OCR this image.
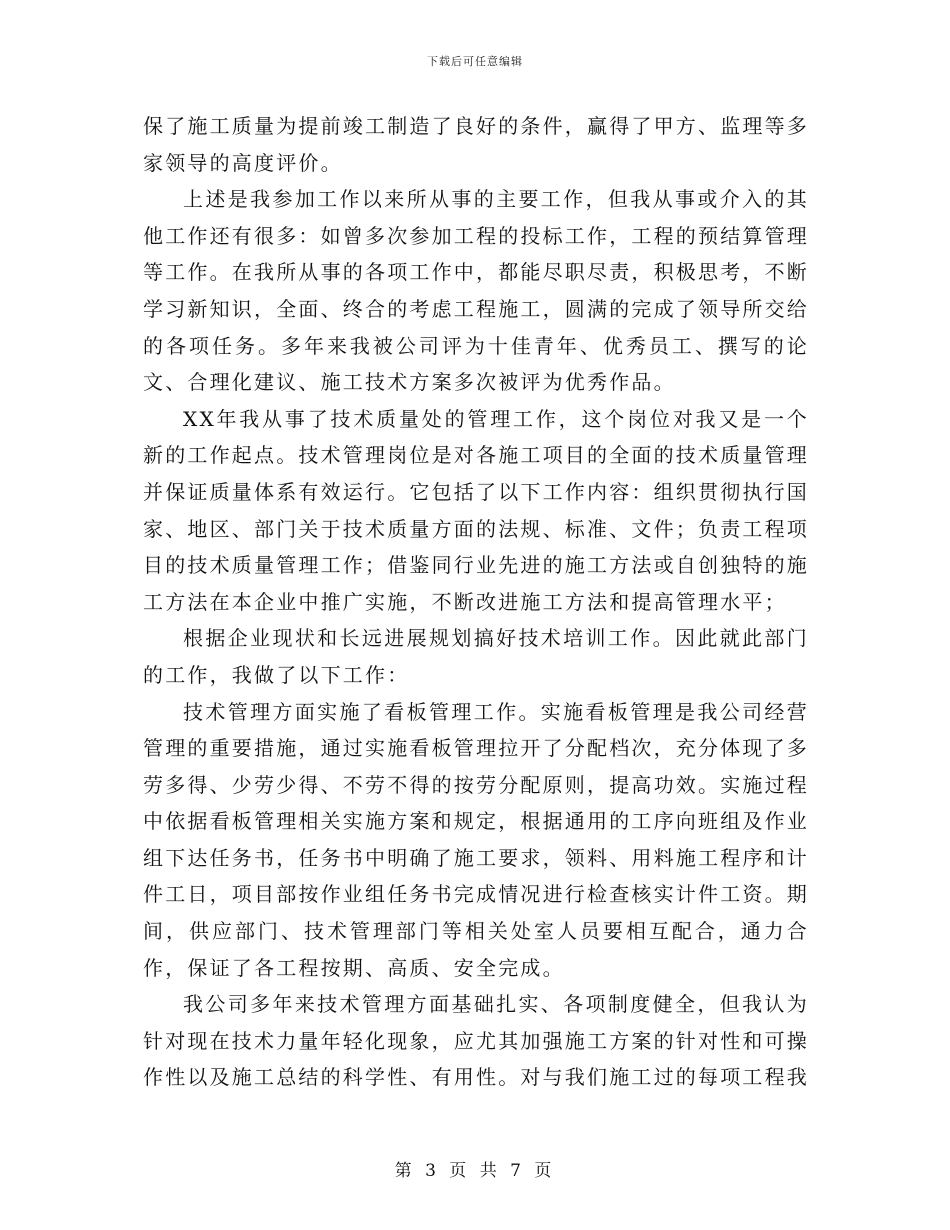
下载后可任意编辑

保了施工质量为提前竣工制造了良好的条件，赢得了甲方、监理等多家领导的高度评价。

上述是我参加工作以来所从事的主要工作，但我从事或介入的其他工作还有很多：如曾多次参加工程的投标工作，工程的预结算管理等工作。在我所从事的各项工作中，都能尽职尽责，积极思考，不断学习新知识，全面、终合的考虑工程施工，圆满的完成了领导所交给的各项任务。多年来我被公司评为十佳青年、优秀员工、撰写的论文、合理化建议、施工技术方案多次被评为优秀作品。

XX年我从事了技术质量处的管理工作，这个岗位对我又是一个新的工作起点。技术管理岗位是对各施工项目的全面的技术质量管理并保证质量体系有效运行。它包括了以下工作内容：组织贯彻执行国家、地区、部门关于技术质量方面的法规、标准、文件；负责工程项目的技术质量管理工作；借鉴同行业先进的施工方法或自创独特的施工方法在本企业中推广实施，不断改进施工方法和提高管理水平；

根据企业现状和长远进展规划搞好技术培训工作。因此就此部门的工作，我做了以下工作：

技术管理方面实施了看板管理工作。实施看板管理是我公司经营管理的重要措施，通过实施看板管理拉开了分配档次，充分体现了多劳多得、少劳少得、不劳不得的按劳分配原则，提高功效。实施过程中依据看板管理相关实施方案和规定，根据通用的工序向班组及作业组下达任务书，任务书中明确了施工要求，领料、用料施工程序和计件工日，项目部按作业组任务书完成情况进行检查核实计件工资。期间，供应部门、技术管理部门等相关处室人员要相互配合，通力合作，保证了各工程按期、高质、安全完成。

我公司多年来技术管理方面基础扎实、各项制度健全，但我认为针对现在技术力量年轻化现象，应尤其加强施工方案的针对性和可操作性以及施工总结的科学性、有用性。对与我们施工过的每项工程我

第 3 页 共 7 页
